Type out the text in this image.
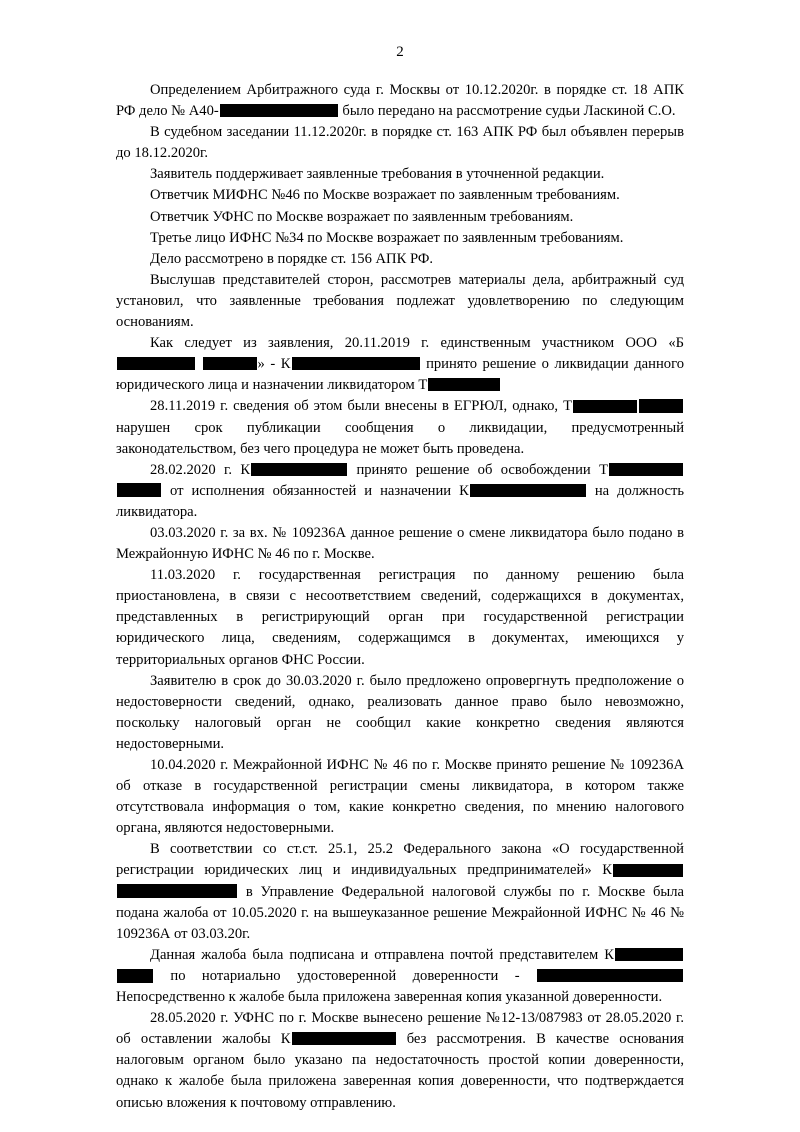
2

Определением Арбитражного суда г. Москвы от 10.12.2020г. в порядке ст. 18 АПК РФ дело № А40-	было передано на рассмотрение судьи Ласкиной С.О.

В судебном заседании 11.12.2020г. в порядке ст. 163 АПК РФ был объявлен перерыв до 18.12.2020г.

Заявитель поддерживает заявленные требования в уточненной редакции.

Ответчик МИФНС №46 по Москве возражает по заявленным требованиям.

Ответчик УФНС по Москве возражает по заявленным требованиям.

Третье лицо ИФНС №34 по Москве возражает по заявленным требованиям.

Дело рассмотрено в порядке ст. 156 АПК РФ.

Выслушав представителей сторон, рассмотрев материалы дела, арбитражный суд установил, что заявленные требования подлежат удовлетворению по следующим основаниям.

Как следует из заявления, 20.11.2019 г. единственным участником ООО «Б » - К	принято решение о ликвидации данного юридического лица и назначении ликвидатором Т

28.11.2019 г. сведения об этом были внесены в ЕГРЮЛ, однако, Т нарушен срок публикации сообщения о ликвидации, предусмотренный законодательством, без чего процедура не может быть проведена.

28.02.2020 г. К	принято решение об освобождении Т от исполнения обязанностей и назначении К	на должность ликвидатора.

03.03.2020 г. за вх. № 109236А данное решение о смене ликвидатора было подано в Межрайонную ИФНС № 46 по г. Москве.

11.03.2020 г. государственная регистрация по данному решению была приостановлена, в связи с несоответствием сведений, содержащихся в документах, представленных в регистрирующий орган при государственной регистрации юридического лица, сведениям, содержащимся в документах, имеющихся у территориальных органов ФНС России.

Заявителю в срок до 30.03.2020 г. было предложено опровергнуть предположение о недостоверности сведений, однако, реализовать данное право было невозможно, поскольку налоговый орган не сообщил какие конкретно сведения являются недостоверными.

10.04.2020 г. Межрайонной ИФНС № 46 по г. Москве принято решение № 109236А об отказе в государственной регистрации смены ликвидатора, в котором также отсутствовала информация о том, какие конкретно сведения, по мнению налогового органа, являются недостоверными.

В соответствии со ст.ст. 25.1, 25.2 Федерального закона «О государственной регистрации юридических лиц и индивидуальных предпринимателей» К в Управление Федеральной налоговой службы по г. Москве была подана жалоба от 10.05.2020 г. на вышеуказанное решение Межрайонной ИФНС № 46 № 109236А от 03.03.20г.

Данная жалоба была подписана и отправлена почтой представителем К по нотариально удостоверенной доверенности -  Непосредственно к жалобе была приложена заверенная копия указанной доверенности.

28.05.2020 г. УФНС по г. Москве вынесено решение №12-13/087983 от 28.05.2020 г. об оставлении жалобы К	без рассмотрения. В качестве основания налоговым органом было указано па недостаточность простой копии доверенности, однако к жалобе была приложена заверенная копия доверенности, что подтверждается описью вложения к почтовому отправлению.
